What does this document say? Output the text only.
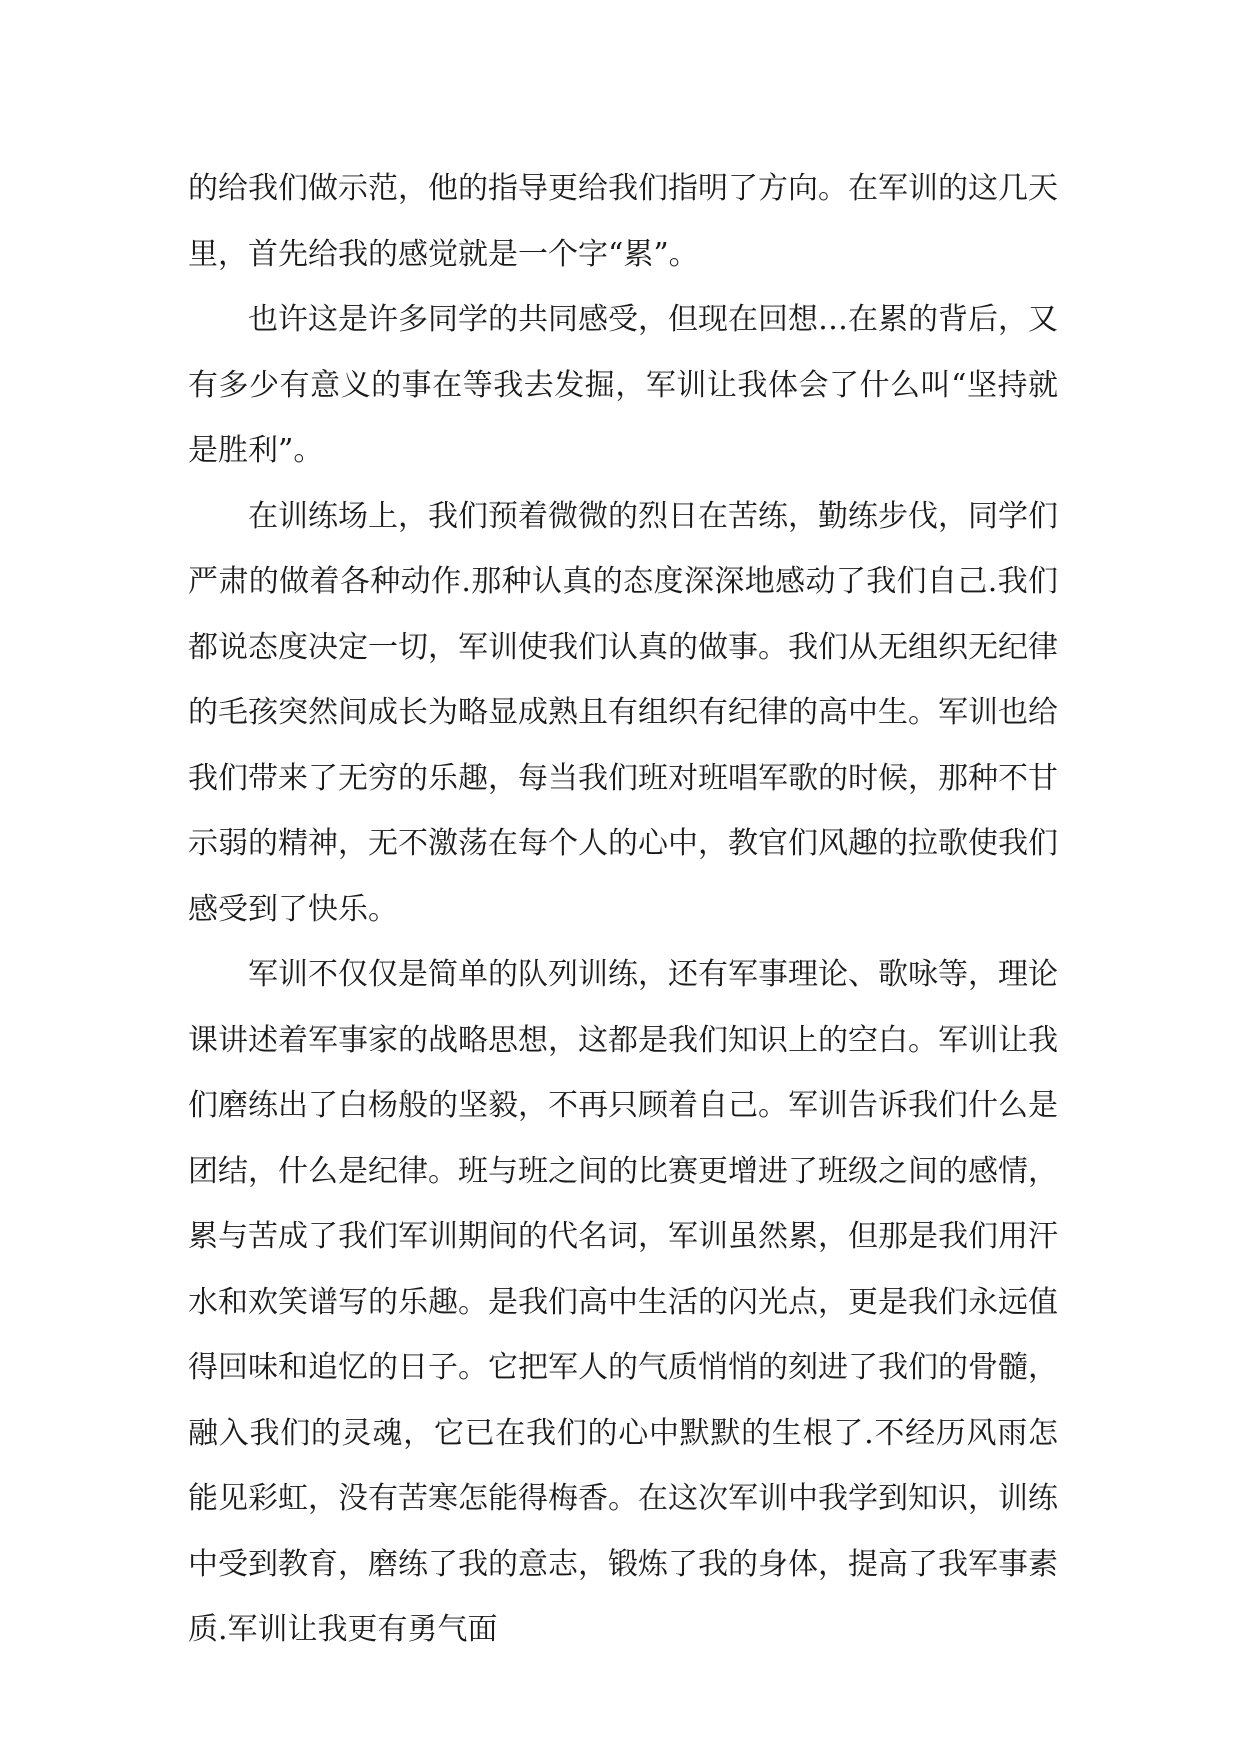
的给我们做示范，他的指导更给我们指明了方向。在军训的这几天里，首先给我的感觉就是一个字“累”。

也许这是许多同学的共同感受，但现在回想…在累的背后，又有多少有意义的事在等我去发掘，军训让我体会了什么叫“坚持就是胜利”。

在训练场上，我们预着微微的烈日在苦练，勤练步伐，同学们严肃的做着各种动作.那种认真的态度深深地感动了我们自己.我们都说态度决定一切，军训使我们认真的做事。我们从无组织无纪律的毛孩突然间成长为略显成熟且有组织有纪律的高中生。军训也给我们带来了无穷的乐趣，每当我们班对班唱军歌的时候，那种不甘示弱的精神，无不激荡在每个人的心中，教官们风趣的拉歌使我们感受到了快乐。

军训不仅仅是简单的队列训练，还有军事理论、歌咏等，理论课讲述着军事家的战略思想，这都是我们知识上的空白。军训让我们磨练出了白杨般的坚毅，不再只顾着自己。军训告诉我们什么是团结，什么是纪律。班与班之间的比赛更增进了班级之间的感情，累与苦成了我们军训期间的代名词，军训虽然累，但那是我们用汗水和欢笑谱写的乐趣。是我们高中生活的闪光点，更是我们永远值得回味和追忆的日子。它把军人的气质悄悄的刻进了我们的骨髓，融入我们的灵魂，它已在我们的心中默默的生根了.不经历风雨怎能见彩虹，没有苦寒怎能得梅香。在这次军训中我学到知识，训练中受到教育，磨练了我的意志，锻炼了我的身体，提高了我军事素质.军训让我更有勇气面
